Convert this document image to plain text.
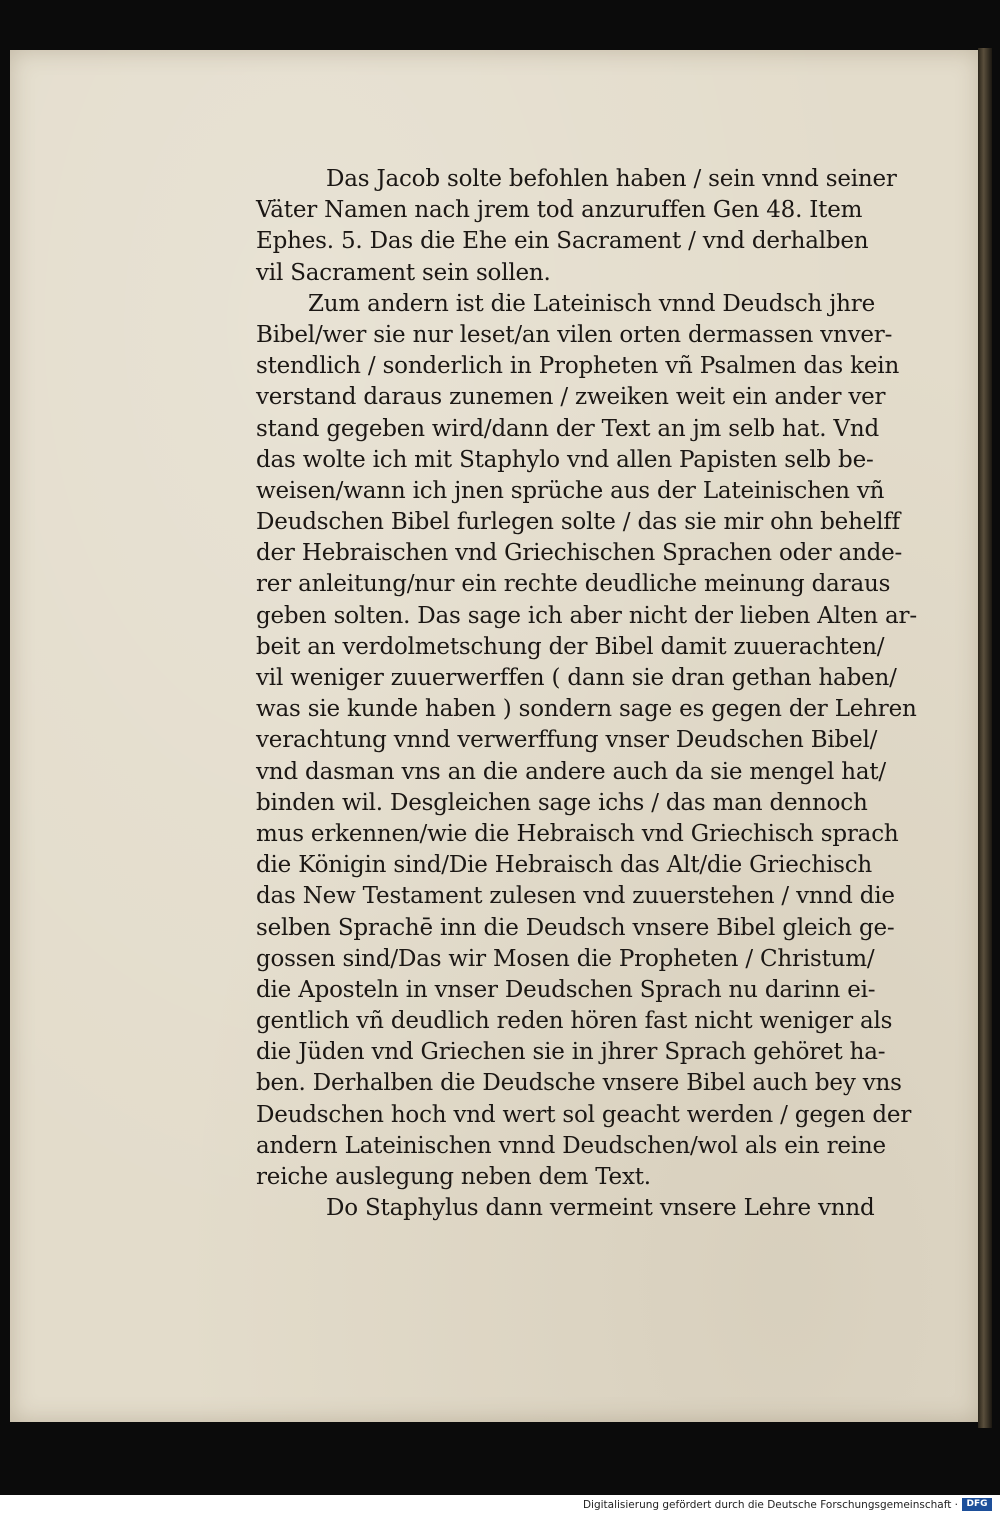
Das Jacob solte befohlen haben / sein vnnd seiner
Väter Namen nach jrem tod anzuruffen Gen 48. Item
Ephes. 5. Das die Ehe ein Sacrament / vnd derhalben
vil Sacrament sein sollen.
Zum andern ist die Lateinisch vnnd Deudsch jhre
Bibel/wer sie nur leset/an vilen orten dermassen vnver-
stendlich / sonderlich in Propheten vñ Psalmen das kein
verstand daraus zunemen / zweiken weit ein ander ver
stand gegeben wird/dann der Text an jm selb hat. Vnd
das wolte ich mit Staphylo vnd allen Papisten selb be-
weisen/wann ich jnen sprüche aus der Lateinischen vñ
Deudschen Bibel furlegen solte / das sie mir ohn behelff
der Hebraischen vnd Griechischen Sprachen oder ande-
rer anleitung/nur ein rechte deudliche meinung daraus
geben solten. Das sage ich aber nicht der lieben Alten ar-
beit an verdolmetschung der Bibel damit zuuerachten/
vil weniger zuuerwerffen ( dann sie dran gethan haben/
was sie kunde haben ) sondern sage es gegen der Lehren
verachtung vnnd verwerffung vnser Deudschen Bibel/
vnd dasman vns an die andere auch da sie mengel hat/
binden wil. Desgleichen sage ichs / das man dennoch
mus erkennen/wie die Hebraisch vnd Griechisch sprach
die Königin sind/Die Hebraisch das Alt/die Griechisch
das New Testament zulesen vnd zuuerstehen / vnnd die
selben Sprachē inn die Deudsch vnsere Bibel gleich ge-
gossen sind/Das wir Mosen die Propheten / Christum/
die Aposteln in vnser Deudschen Sprach nu darinn ei-
gentlich vñ deudlich reden hören fast nicht weniger als
die Jüden vnd Griechen sie in jhrer Sprach gehöret ha-
ben. Derhalben die Deudsche vnsere Bibel auch bey vns
Deudschen hoch vnd wert sol geacht werden / gegen der
andern Lateinischen vnnd Deudschen/wol als ein reine
reiche auslegung neben dem Text.
Do Staphylus dann vermeint vnsere Lehre vnnd
Digitalisierung gefördert durch die Deutsche Forschungsgemeinschaft · DFG
